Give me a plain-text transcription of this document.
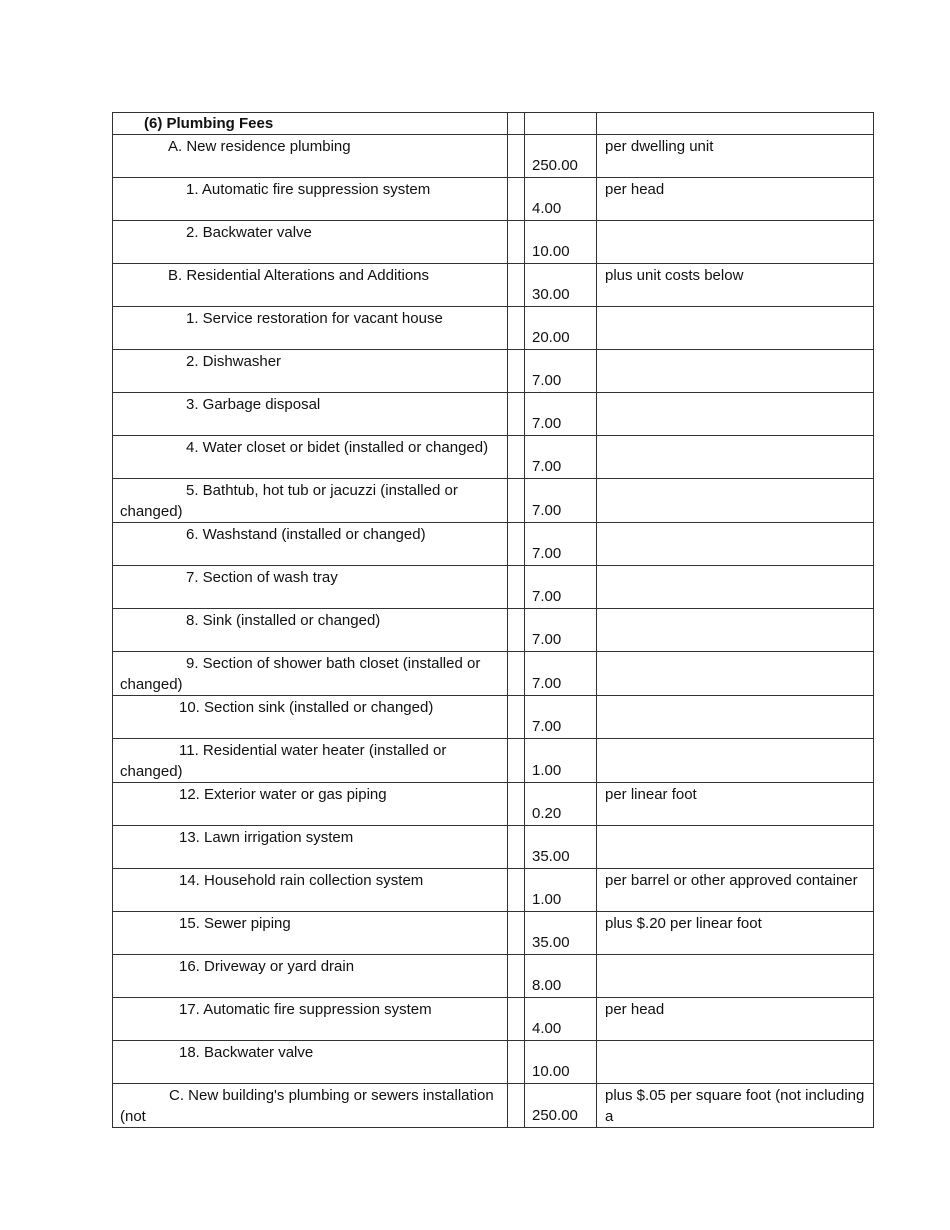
(6) Plumbing Fees			

A. New residence plumbing		250.00	per dwelling unit
1. Automatic fire suppression system		4.00	per head
2. Backwater valve		10.00	
B. Residential Alterations and Additions		30.00	plus unit costs below
1. Service restoration for vacant house		20.00	
2. Dishwasher		7.00	
3. Garbage disposal		7.00	
4. Water closet or bidet (installed or changed)		7.00	
5. Bathtub, hot tub or jacuzzi (installed or changed)		7.00	
6. Washstand (installed or changed)		7.00	
7. Section of wash tray		7.00	
8. Sink (installed or changed)		7.00	
9. Section of shower bath closet (installed or changed)		7.00	
10. Section sink (installed or changed)		7.00	
11. Residential water heater (installed or changed)		1.00	
12. Exterior water or gas piping		0.20	per linear foot
13. Lawn irrigation system		35.00	
14. Household rain collection system		1.00	per barrel or other approved container
15. Sewer piping		35.00	plus $.20 per linear foot
16. Driveway or yard drain		8.00	
17. Automatic fire suppression system		4.00	per head
18. Backwater valve		10.00	
C. New building's plumbing or sewers installation (not		250.00	plus $.05 per square foot (not including a
